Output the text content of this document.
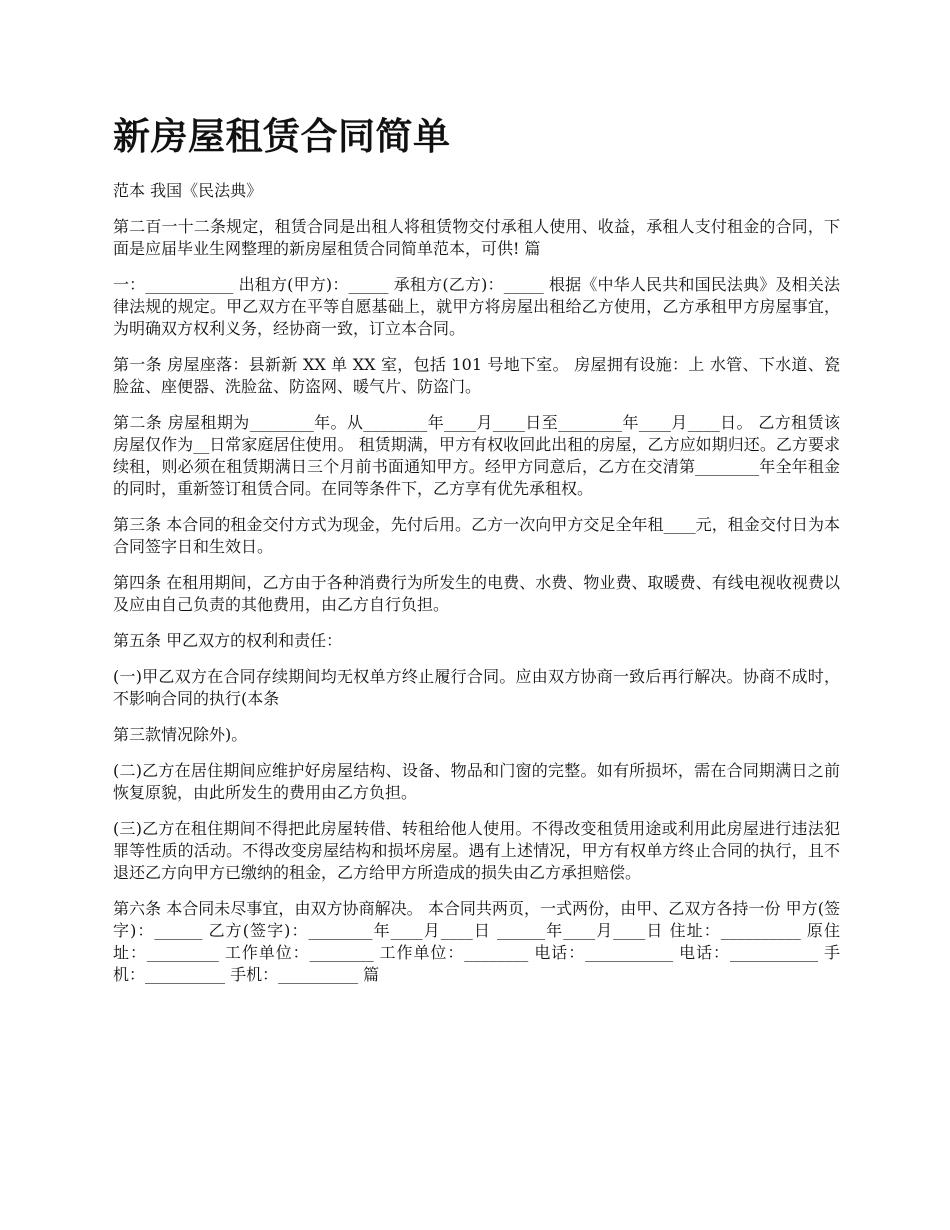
新房屋租赁合同简单

范本 我国《民法典》

第二百一十二条规定，租赁合同是出租人将租赁物交付承租人使用、收益，承租人支付租金的合同，下面是应届毕业生网整理的新房屋租赁合同简单范本，可供! 篇

一：___________ 出租方(甲方)：_____ 承租方(乙方)：_____ 根据《中华人民共和国民法典》及相关法律法规的规定。甲乙双方在平等自愿基础上，就甲方将房屋出租给乙方使用，乙方承租甲方房屋事宜，为明确双方权利义务，经协商一致，订立本合同。

第一条 房屋座落：县新新 XX 单 XX 室，包括 101 号地下室。 房屋拥有设施：上 水管、下水道、瓷脸盆、座便器、洗脸盆、防盗网、暖气片、防盗门。

第二条 房屋租期为________年。从________年____月____日至________年____月____日。 乙方租赁该房屋仅作为__日常家庭居住使用。 租赁期满，甲方有权收回此出租的房屋，乙方应如期归还。乙方要求续租，则必须在租赁期满日三个月前书面通知甲方。经甲方同意后，乙方在交清第________年全年租金的同时，重新签订租赁合同。在同等条件下，乙方享有优先承租权。

第三条 本合同的租金交付方式为现金，先付后用。乙方一次向甲方交足全年租____元，租金交付日为本合同签字日和生效日。

第四条 在租用期间，乙方由于各种消费行为所发生的电费、水费、物业费、取暖费、有线电视收视费以及应由自己负责的其他费用，由乙方自行负担。

第五条 甲乙双方的权利和责任：

(一)甲乙双方在合同存续期间均无权单方终止履行合同。应由双方协商一致后再行解决。协商不成时，不影响合同的执行(本条

第三款情况除外)。

(二)乙方在居住期间应维护好房屋结构、设备、物品和门窗的完整。如有所损坏，需在合同期满日之前恢复原貌，由此所发生的费用由乙方负担。

(三)乙方在租住期间不得把此房屋转借、转租给他人使用。不得改变租赁用途或利用此房屋进行违法犯罪等性质的活动。不得改变房屋结构和损坏房屋。遇有上述情况，甲方有权单方终止合同的执行，且不退还乙方向甲方已缴纳的租金，乙方给甲方所造成的损失由乙方承担赔偿。

第六条 本合同未尽事宜，由双方协商解决。 本合同共两页，一式两份，由甲、乙双方各持一份 甲方(签字)：______ 乙方(签字)：________年____月____日 ______年____月____日 住址：__________ 原住址：_________ 工作单位：________ 工作单位：________ 电话：___________ 电话：___________ 手机：__________ 手机：__________ 篇
